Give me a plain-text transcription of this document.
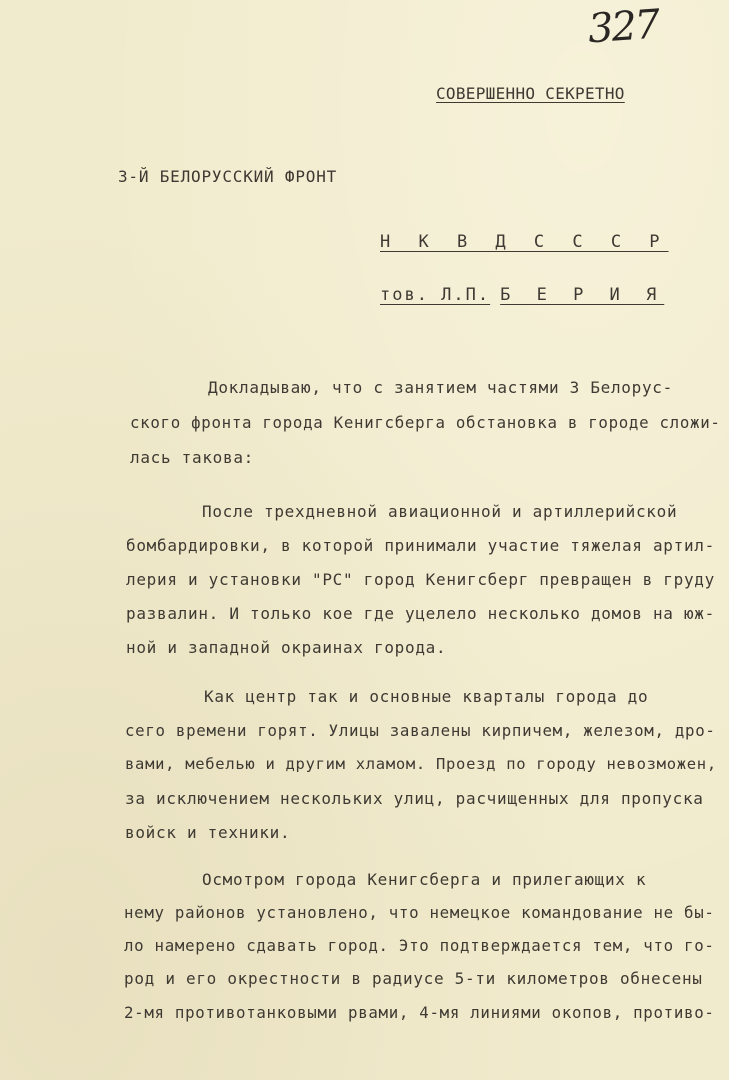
327
СОВЕРШЕННО СЕКРЕТНО
3-Й БЕЛОРУССКИЙ ФРОНТ
Н К В Д С С С Р
тов. Л.П. Б Е Р И Я
Докладываю, что с занятием частями 3 Белорус-
ского фронта города Кенигсберга обстановка в городе сложи-
лась такова:
После трехдневной авиационной и артиллерийской
бомбардировки, в которой принимали участие тяжелая артил-
лерия и установки "РС" город Кенигсберг превращен в груду
развалин. И только кое где уцелело несколько домов на юж-
ной и западной окраинах города.
Как центр так и основные кварталы города до
сего времени горят. Улицы завалены кирпичем, железом, дро-
вами, мебелью и другим хламом. Проезд по городу невозможен,
за исключением нескольких улиц, расчищенных для пропуска
войск и техники.
Осмотром города Кенигсберга и прилегающих к
нему районов установлено, что немецкое командование не бы-
ло намерено сдавать город. Это подтверждается тем, что го-
род и его окрестности в радиусе 5-ти километров обнесены
2-мя противотанковыми рвами, 4-мя линиями окопов, противо-
